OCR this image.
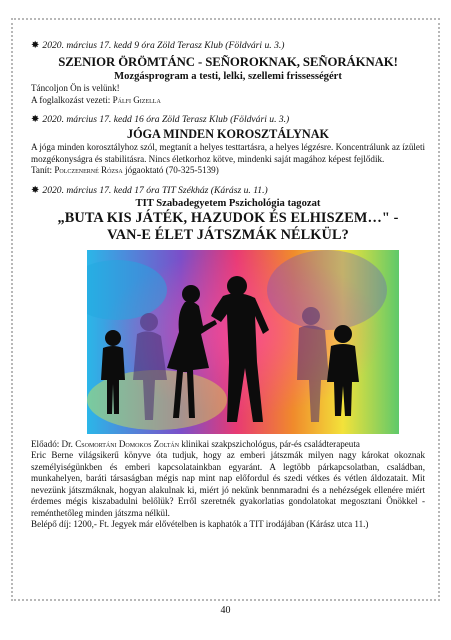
✸ 2020. március 17. kedd 9 óra Zöld Terasz Klub (Földvári u. 3.)
SZENIOR ÖRÖMTÁNC - SEÑOROKNAK, SEÑORÁKNAK!
Mozgásprogram a testi, lelki, szellemi frissességért
Táncoljon Ön is velünk!
A foglalkozást vezeti: Pálfi Gizella
✸ 2020. március 17. kedd 16 óra Zöld Terasz Klub (Földvári u. 3.)
JÓGA MINDEN KOROSZTÁLYNAK
A jóga minden korosztályhoz szól, megtanít a helyes testtartásra, a helyes légzésre. Koncentrálunk az ízületi mozgékonyságra és stabilitásra. Nincs életkorhoz kötve, mindenki saját magához képest fejlődik.
Tanít: Polczenerné Rózsa jógaoktató (70-325-5139)
✸ 2020. március 17. kedd 17 óra TIT Székház (Kárász u. 11.)
TIT Szabadegyetem Pszichológia tagozat
„BUTA KIS JÁTÉK, HAZUDOK ÉS ELHISZEM…" -
VAN-E ÉLET JÁTSZMÁK NÉLKÜL?
Előadó: Dr. Csomortáni Domokos Zoltán klinikai szakpszichológus, pár-és családterapeuta
Eric Berne világsikerű könyve óta tudjuk, hogy az emberi játszmák milyen nagy károkat okoznak személyiségünkben és emberi kapcsolatainkban egyaránt. A legtöbb párkapcsolatban, családban, munkahelyen, baráti társaságban mégis nap mint nap előfordul és szedi vétkes és vétlen áldozatait. Mit nevezünk játszmáknak, hogyan alakulnak ki, miért jó nekünk bennmaradni és a nehézségek ellenére miért érdemes mégis kiszabadulni belőlük? Erről szeretnék gyakorlatias gondolatokat megosztani Önökkel - reménthetőleg minden játszma nélkül.
Belépő díj: 1200,- Ft. Jegyek már elővételben is kaphatók a TIT irodájában (Kárász utca 11.)
40
